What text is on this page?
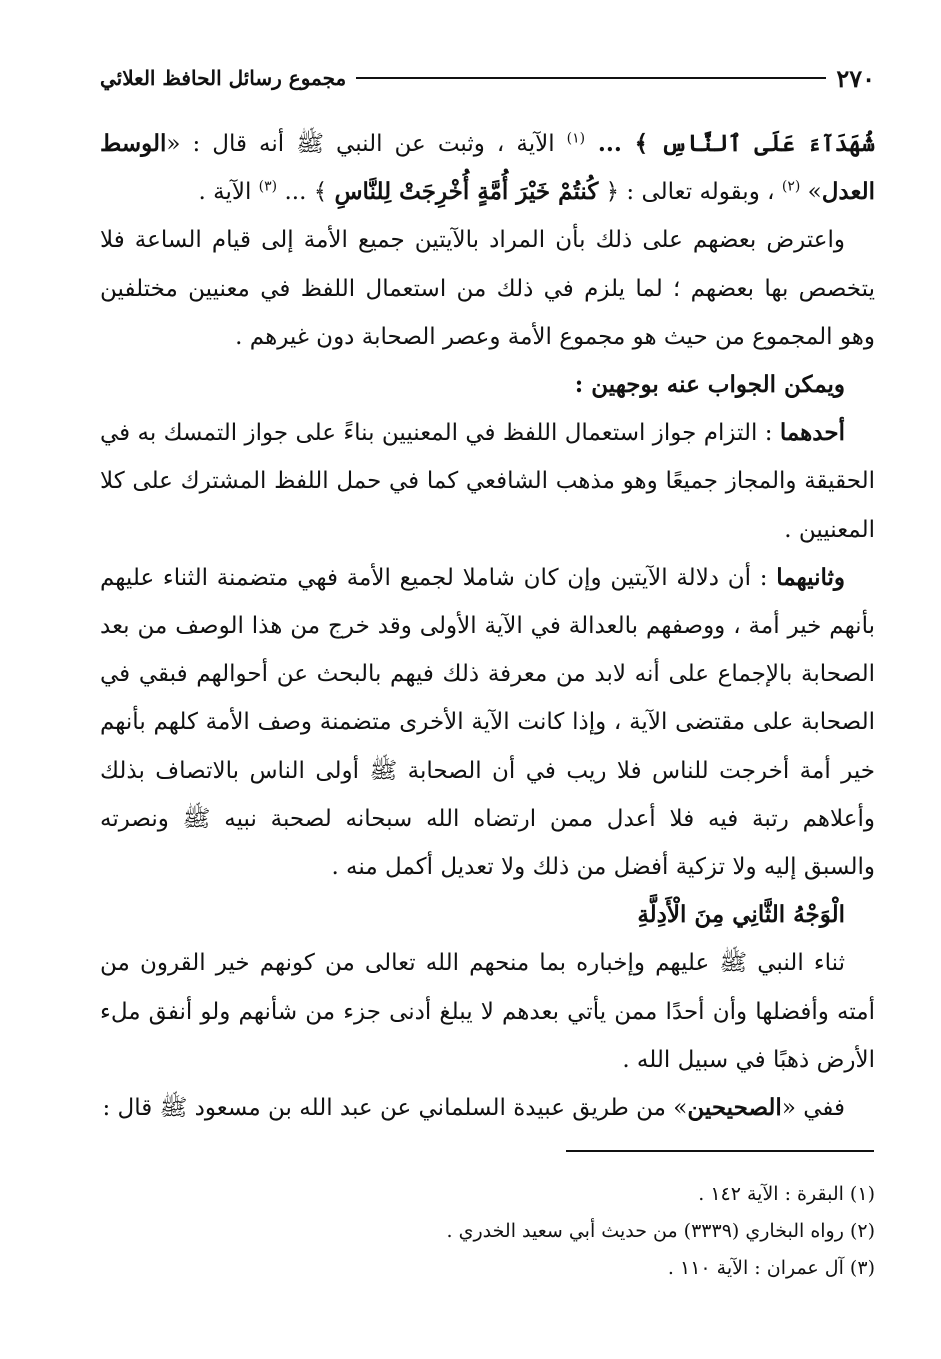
٢٧٠
مجموع رسائل الحافظ العلائي

شُهَدَآءَ عَلَى ٱلنَّاسِ ﴾ ... $^{(١)}$ الآية ، وثبت عن النبي ﷺ أنه قال : «الوسط العدل» $^{(٢)}$ ، وبقوله تعالى : ﴿ كُنتُمْ خَيْرَ أُمَّةٍ أُخْرِجَتْ لِلنَّاسِ ﴾ ... $^{(٣)}$ الآية .

واعترض بعضهم على ذلك بأن المراد بالآيتين جميع الأمة إلى قيام الساعة فلا يتخصص بها بعضهم ؛ لما يلزم في ذلك من استعمال اللفظ في معنيين مختلفين وهو المجموع من حيث هو مجموع الأمة وعصر الصحابة دون غيرهم .

ويمكن الجواب عنه بوجهين :

أحدهما : التزام جواز استعمال اللفظ في المعنيين بناءً على جواز التمسك به في الحقيقة والمجاز جميعًا وهو مذهب الشافعي كما في حمل اللفظ المشترك على كلا المعنيين .

وثانيهما : أن دلالة الآيتين وإن كان شاملا لجميع الأمة فهي متضمنة الثناء عليهم بأنهم خير أمة ، ووصفهم بالعدالة في الآية الأولى وقد خرج من هذا الوصف من بعد الصحابة بالإجماع على أنه لابد من معرفة ذلك فيهم بالبحث عن أحوالهم فبقي في الصحابة على مقتضى الآية ، وإذا كانت الآية الأخرى متضمنة وصف الأمة كلهم بأنهم خير أمة أخرجت للناس فلا ريب في أن الصحابة ﷺ أولى الناس بالاتصاف بذلك وأعلاهم رتبة فيه فلا أعدل ممن ارتضاه الله سبحانه لصحبة نبيه ﷺ ونصرته والسبق إليه ولا تزكية أفضل من ذلك ولا تعديل أكمل منه .

الْوَجْهُ الثَّانِي مِنَ الْأَدِلَّةِ

ثناء النبي ﷺ عليهم وإخباره بما منحهم الله تعالى من كونهم خير القرون من أمته وأفضلها وأن أحدًا ممن يأتي بعدهم لا يبلغ أدنى جزء من شأنهم ولو أنفق ملء الأرض ذهبًا في سبيل الله .

ففي «الصحيحين» من طريق عبيدة السلماني عن عبد الله بن مسعود ﷺ قال :

(١) البقرة : الآية ١٤٢ .

(٢) رواه البخاري (٣٣٣٩) من حديث أبي سعيد الخدري .

(٣) آل عمران : الآية ١١٠ .
